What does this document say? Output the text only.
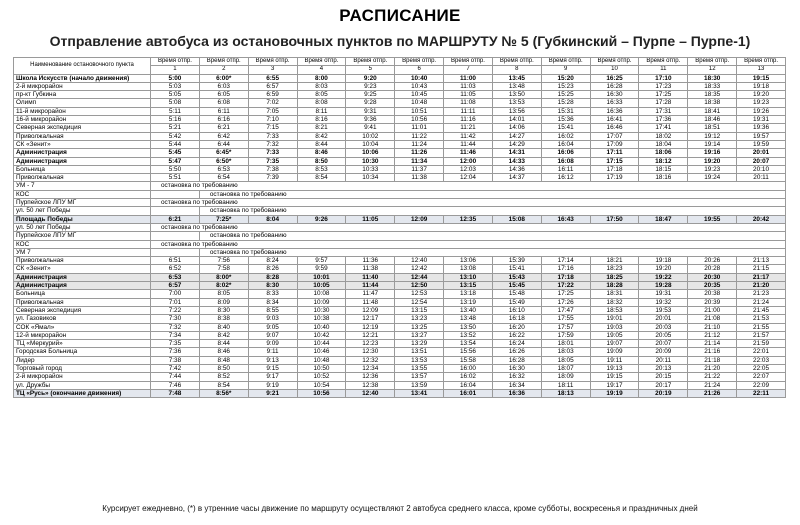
РАСПИСАНИЕ
Отправление автобуса из остановочных пунктов по МАРШРУТУ № 5 (Губкинский – Пурпе – Пурпе-1)
Наименование остановочного пункта	Время отпр.	Время отпр.	Время отпр.	Время отпр.	Время отпр.	Время отпр.	Время отпр.	Время отпр.	Время отпр.	Время отпр.	Время отпр.	Время отпр.	Время отпр.
	1	2	3	4	5	6	7	8	9	10	11	12	13
Школа Искусств (начало движения)	5:00	6:00*	6:55	8:00	9:20	10:40	11:00	13:45	15:20	16:25	17:10	18:30	19:15
2-й микрорайон	5:03	6:03	6:57	8:03	9:23	10:43	11:03	13:48	15:23	16:28	17:23	18:33	19:18
пр-кт Губкина	5:05	6:05	6:59	8:05	9:25	10:45	11:05	13:50	15:25	16:30	17:25	18:35	19:20
Олимп	5:08	6:08	7:02	8:08	9:28	10:48	11:08	13:53	15:28	16:33	17:28	18:38	19:23
11-й микрорайон	5:11	6:11	7:05	8:11	9:31	10:51	11:11	13:56	15:31	16:36	17:31	18:41	19:26
16-й микрорайон	5:16	6:16	7:10	8:16	9:36	10:56	11:16	14:01	15:36	16:41	17:36	18:46	19:31
Северная экспедиция	5:21	6:21	7:15	8:21	9:41	11:01	11:21	14:06	15:41	16:46	17:41	18:51	19:36
Приволжальная	5:42	6:42	7:33	8:42	10:02	11:22	11:42	14:27	16:02	17:07	18:02	19:12	19:57
СК «Зенит»	5:44	6:44	7:32	8:44	10:04	11:24	11:44	14:29	16:04	17:09	18:04	19:14	19:59
Администрация	5:45	6:45*	7:33	8:46	10:06	11:26	11:46	14:31	16:06	17:11	18:06	19:16	20:01
Администрация	5:47	6:50*	7:35	8:50	10:30	11:34	12:00	14:33	16:08	17:15	18:12	19:20	20:07
Больница	5:50	6:53	7:38	8:53	10:33	11:37	12:03	14:36	16:11	17:18	18:15	19:23	20:10
Приволжальная	5:51	6:54	7:39	8:54	10:34	11:38	12:04	14:37	16:12	17:19	18:16	19:24	20:11
УМ - 7	остановка по требованию												
КОС		остановка по требованию											
Пурпейское ЛПУ МГ	остановка по требованию												
ул. 50 лет Победы		остановка по требованию											
Площадь Победы	6:21	7:25*	8:04	9:26	11:05	12:09	12:35	15:08	16:43	17:50	18:47	19:55	20:42
ул. 50 лет Победы	остановка по требованию												
Пурпейское ЛПУ МГ		остановка по требованию											
КОС	остановка по требованию												
УМ 7		остановка по требованию											
Приволжальная	6:51	7:56	8:24	9:57	11:36	12:40	13:06	15:39	17:14	18:21	19:18	20:26	21:13
СК «Зенит»	6:52	7:58	8:26	9:59	11:38	12:42	13:08	15:41	17:16	18:23	19:20	20:28	21:15
Администрация	6:53	8:00*	8:28	10:01	11:40	12:44	13:10	15:43	17:18	18:25	19:22	20:30	21:17
Администрация	6:57	8:02*	8:30	10:05	11:44	12:50	13:15	15:45	17:22	18:28	19:28	20:35	21:20
Больница	7:00	8:05	8:33	10:08	11:47	12:53	13:18	15:48	17:25	18:31	19:31	20:38	21:23
Приволжальная	7:01	8:09	8:34	10:09	11:48	12:54	13:19	15:49	17:26	18:32	19:32	20:39	21:24
Северная экспедиция	7:22	8:30	8:55	10:30	12:09	13:15	13:40	16:10	17:47	18:53	19:53	21:00	21:45
ул. Газовиков	7:30	8:38	9:03	10:38	12:17	13:23	13:48	16:18	17:55	19:01	20:01	21:08	21:53
СОК «Ямал»	7:32	8:40	9:05	10:40	12:19	13:25	13:50	16:20	17:57	19:03	20:03	21:10	21:55
12-й микрорайон	7:34	8:42	9:07	10:42	12:21	13:27	13:52	16:22	17:59	19:05	20:05	21:12	21:57
ТЦ «Меркурий»	7:35	8:44	9:09	10:44	12:23	13:29	13:54	16:24	18:01	19:07	20:07	21:14	21:59
Городская Больница	7:36	8:46	9:11	10:46	12:30	13:51	15:56	16:26	18:03	19:09	20:09	21:16	22:01
Лидер	7:38	8:48	9:13	10:48	12:32	13:53	15:58	16:28	18:05	19:11	20:11	21:18	22:03
Торговый город	7:42	8:50	9:15	10:50	12:34	13:55	16:00	16:30	18:07	19:13	20:13	21:20	22:05
2-й микрорайон	7:44	8:52	9:17	10:52	12:36	13:57	16:02	16:32	18:09	19:15	20:15	21:22	22:07
ул. Дружбы	7:46	8:54	9:19	10:54	12:38	13:59	16:04	16:34	18:11	19:17	20:17	21:24	22:09
ТЦ «Русь» (окончание движения)	7:48	8:56*	9:21	10:56	12:40	13:41	16:01	16:36	18:13	19:19	20:19	21:26	22:11
Курсирует ежедневно, (*) в утренние часы движение по маршруту осуществляют 2 автобуса среднего класса, кроме субботы, воскресенья и праздничных дней
